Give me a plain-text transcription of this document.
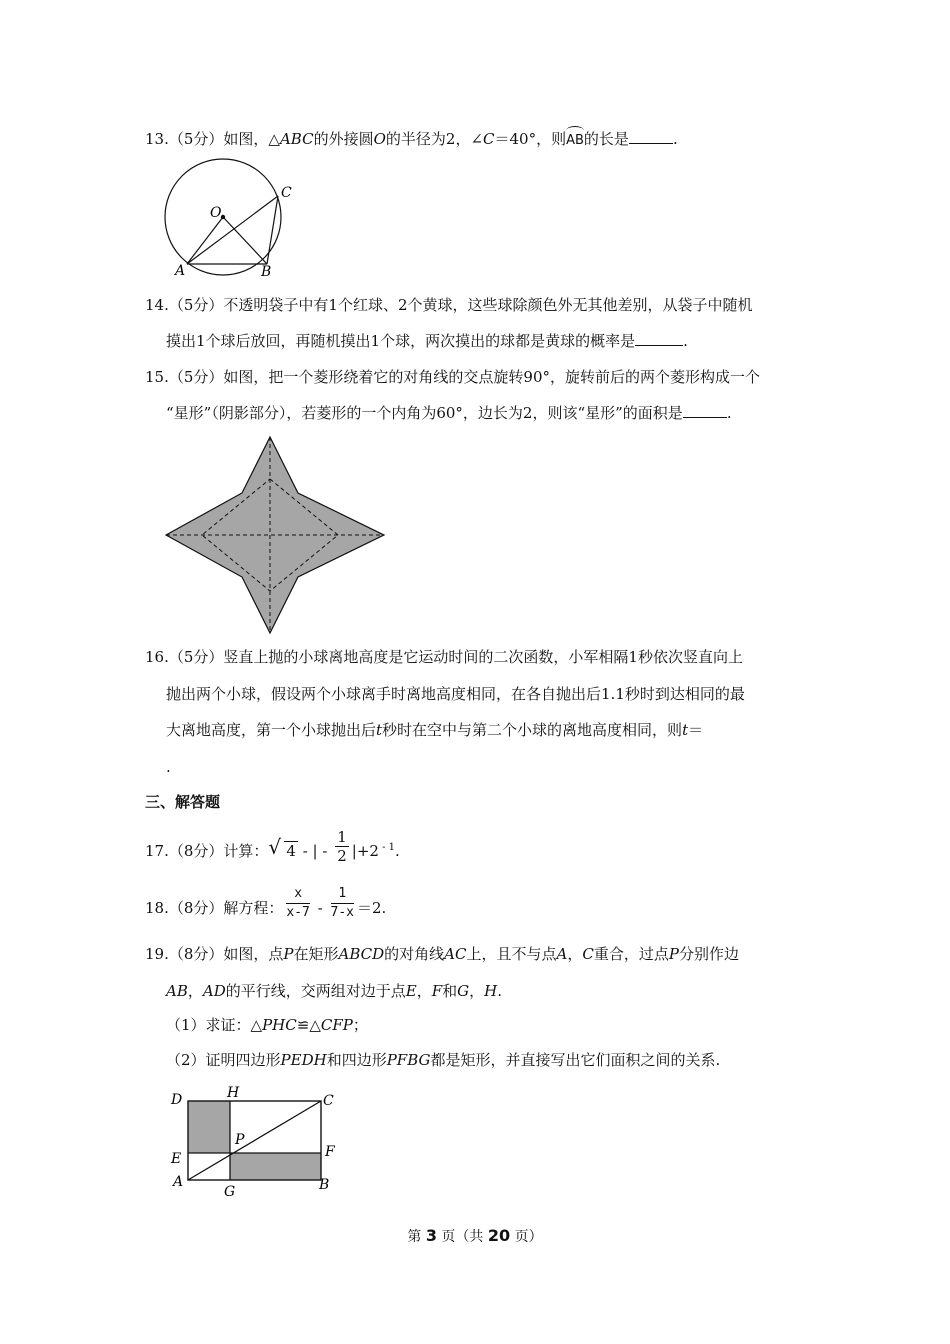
13.（5分）如图，△ABC的外接圆O的半径为2，∠C＝40°，则AB的长是	.
O
A	B
C
14.（5分）不透明袋子中有1个红球、2个黄球，这些球除颜色外无其他差别，从袋子中随机
摸出1个球后放回，再随机摸出1个球，两次摸出的球都是黄球的概率是	.
15.（5分）如图，把一个菱形绕着它的对角线的交点旋转90°，旋转前后的两个菱形构成一个
“星形”（阴影部分），若菱形的一个内角为60°，边长为2，则该“星形”的面积是	.
16.（5分）竖直上抛的小球离地高度是它运动时间的二次函数，小军相隔1秒依次竖直向上
抛出两个小球，假设两个小球离手时离地高度相同，在各自抛出后1.1秒时到达相同的最
大离地高度，第一个小球抛出后t秒时在空中与第二个小球的离地高度相同，则t＝
.
三、解答题
17.（8分）计算： √ 4 - | - $\frac{1}{2} |+2$ $^{- 1}$.
18.（8分）解方程： $\frac{x}{x-7} - \frac{1}{7-x} =2$.
19.（8分）如图，点P在矩形ABCD的对角线AC上，且不与点A，C重合，过点P分别作边
AB，AD的平行线，交两组对边于点E，F和G，H.
（1）求证：△PHC≌△CFP；
（2）证明四边形PEDH和四边形PFBG都是矩形，并直接写出它们面积之间的关系.
D	H	C
P
E	F
A
G	B
第 3 页（共 20 页）
